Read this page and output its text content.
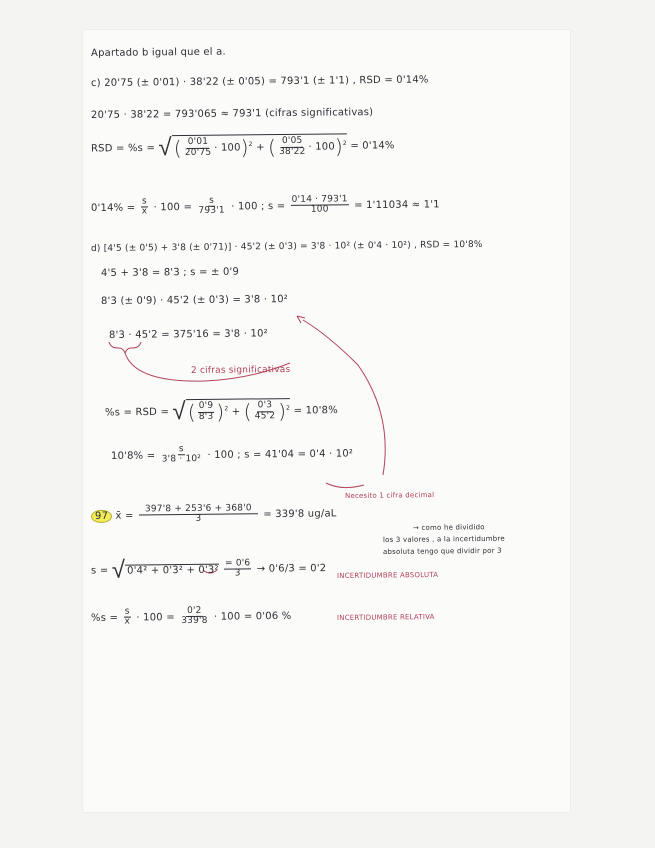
Apartado b igual que el a.
c) 20'75 (± 0'01) · 38'22 (± 0'05) = 793'1 (± 1'1) , RSD = 0'14%
20'75 · 38'22 = 793'065 ≈ 793'1 (cifras significativas)
RSD = %s = √( $\frac{0'01}{20'75} \cdot 100)^2$ + ( $\frac{0'05}{38'22} \cdot 100)^2 = 0'14\%$
$0'14\% = \frac{s}{x̄} \cdot 100 = \frac{s}{793'1} \cdot 100$ ; $s = \frac{0'14 \cdot 793'1}{100} = 1'11034 \approx 1'1$
d) [4'5 (± 0'5) + 3'8 (± 0'71)] · 45'2 (± 0'3) = 3'8 · 10² (± 0'4 · 10²) , RSD = 10'8%
4'5 + 3'8 = 8'3 ; s = ± 0'9
8'3 (± 0'9) · 45'2 (± 0'3) = 3'8 · 10²
8'3 · 45'2 = 375'16 = 3'8 · 10²
2 cifras significativas
%s = RSD = √( $\frac{0'9}{8'3} )^2$ + ( $\frac{0'3}{45'2} )^2 = 10'8\%$
$10'8\% = \frac{s}{\text{3'8 · 10²}} \cdot 100$ ; s = 41'04 = 0'4 · 10²
Necesito 1 cifra decimal
97 x̄ = $\frac{397'8 + 253'6 + 368'0}{3} = 339'8$ ug/aL
→ como he dividido
los 3 valores , a la incertidumbre
absoluta tengo que dividir por 3
s = √ $0'4^2 + 0'3^2 + 0'3^2 \frac{= 0'6}{3} \to 0'6/3 = 0'2$
INCERTIDUMBRE ABSOLUTA
$\%s = \frac{s}{x̄} \cdot 100 = \frac{0'2}{339'8} \cdot 100 = 0'06$ %	INCERTIDUMBRE RELATIVA
